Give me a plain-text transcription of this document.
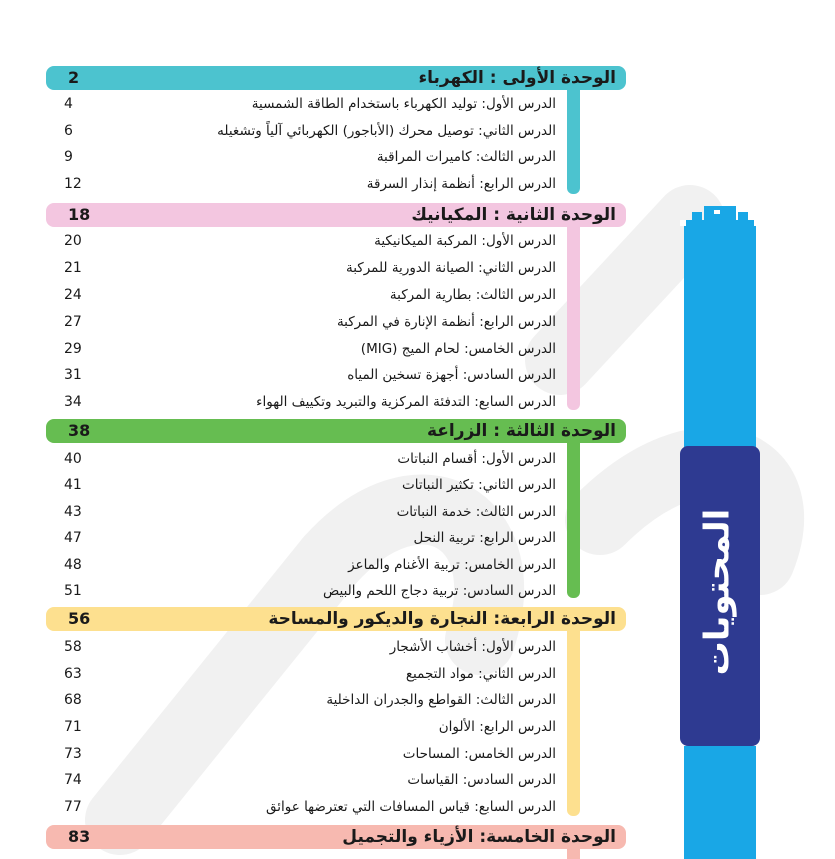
المحتويات
الوحدة الأولى : الكهرباء
2
الدرس الأول: توليد الكهرباء باستخدام الطاقة الشمسية
4
الدرس الثاني: توصيل محرك (الأباجور) الكهربائي آلياً وتشغيله
6
الدرس الثالث: كاميرات المراقبة
9
الدرس الرابع: أنظمة إنذار السرقة
12
الوحدة الثانية : المكيانيك
18
الدرس الأول: المركبة الميكانيكية
20
الدرس الثاني: الصيانة الدورية للمركبة
21
الدرس الثالث: بطارية المركبة
24
الدرس الرابع: أنظمة الإنارة في المركبة
27
الدرس الخامس: لحام الميج (MIG)
29
الدرس السادس: أجهزة تسخين المياه
31
الدرس السابع: التدفئة المركزية والتبريد وتكييف الهواء
34
الوحدة الثالثة : الزراعة
38
الدرس الأول: أقسام النباتات
40
الدرس الثاني: تكثير النباتات
41
الدرس الثالث: خدمة النباتات
43
الدرس الرابع: تربية النحل
47
الدرس الخامس: تربية الأغنام والماعز
48
الدرس السادس: تربية دجاج اللحم والبيض
51
الوحدة الرابعة: النجارة والديكور والمساحة
56
الدرس الأول: أخشاب الأشجار
58
الدرس الثاني: مواد التجميع
63
الدرس الثالث: القواطع والجدران الداخلية
68
الدرس الرابع: الألوان
71
الدرس الخامس: المساحات
73
الدرس السادس: القياسات
74
الدرس السابع: قياس المسافات التي تعترضها عوائق
77
الوحدة الخامسة: الأزياء والتجميل
83
